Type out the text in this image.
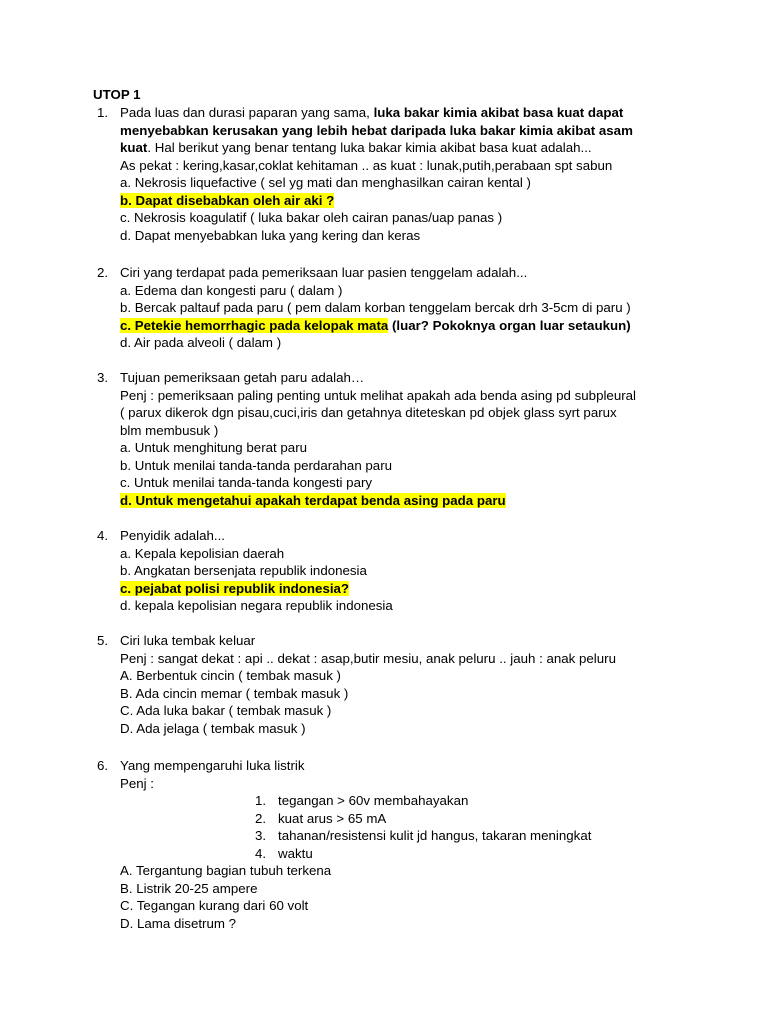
UTOP 1
1. Pada luas dan durasi paparan yang sama, luka bakar kimia akibat basa kuat dapat
menyebabkan kerusakan yang lebih hebat daripada luka bakar kimia akibat asam
kuat. Hal berikut yang benar tentang luka bakar kimia akibat basa kuat adalah...
As pekat : kering,kasar,coklat kehitaman .. as kuat : lunak,putih,perabaan spt sabun
a. Nekrosis liquefactive ( sel yg mati dan menghasilkan cairan kental )
b. Dapat disebabkan oleh air aki ?
c. Nekrosis koagulatif ( luka bakar oleh cairan panas/uap panas )
d. Dapat menyebabkan luka yang kering dan keras
2. Ciri yang terdapat pada pemeriksaan luar pasien tenggelam adalah...
a. Edema dan kongesti paru ( dalam )
b. Bercak paltauf pada paru ( pem dalam korban tenggelam bercak drh 3-5cm di paru )
c. Petekie hemorrhagic pada kelopak mata (luar? Pokoknya organ luar setaukun)
d. Air pada alveoli ( dalam )
3. Tujuan pemeriksaan getah paru adalah…
Penj : pemeriksaan paling penting untuk melihat apakah ada benda asing pd subpleural
( parux dikerok dgn pisau,cuci,iris dan getahnya diteteskan pd objek glass syrt parux
blm membusuk )
a. Untuk menghitung berat paru
b. Untuk menilai tanda-tanda perdarahan paru
c. Untuk menilai tanda-tanda kongesti pary
d. Untuk mengetahui apakah terdapat benda asing pada paru
4. Penyidik adalah...
a. Kepala kepolisian daerah
b. Angkatan bersenjata republik indonesia
c. pejabat polisi republik indonesia?
d. kepala kepolisian negara republik indonesia
5. Ciri luka tembak keluar
Penj : sangat dekat : api .. dekat : asap,butir mesiu, anak peluru .. jauh : anak peluru
A. Berbentuk cincin ( tembak masuk )
B. Ada cincin memar ( tembak masuk )
C. Ada luka bakar ( tembak masuk )
D. Ada jelaga ( tembak masuk )
6. Yang mempengaruhi luka listrik
Penj :
1. tegangan > 60v membahayakan
2. kuat arus > 65 mA
3. tahanan/resistensi kulit jd hangus, takaran meningkat
4. waktu
A. Tergantung bagian tubuh terkena
B. Listrik 20-25 ampere
C. Tegangan kurang dari 60 volt
D. Lama disetrum ?
